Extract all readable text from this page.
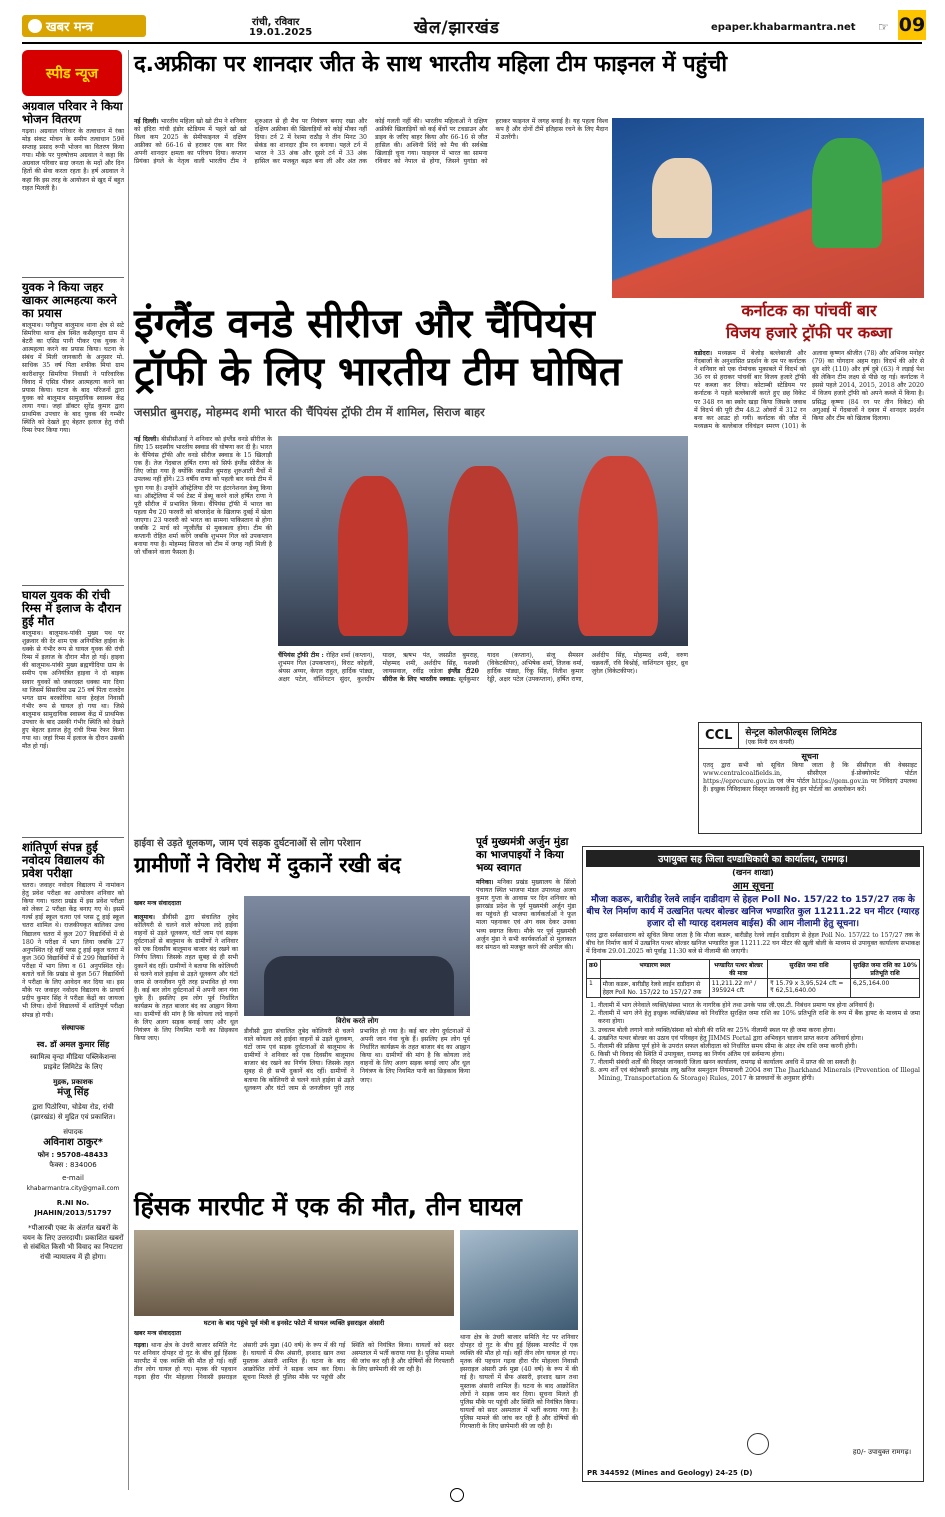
खबर मन्त्र	रांची, रविवार
19.01.2025	खेल/झारखंड	epaper.khabarmantra.net ☞ 09
स्पीड न्यूज
अग्रवाल परिवार ने किया भोजन वितरण
गढ़वा। अग्रवाल परिवार के तत्वाधान में रंका मोड़ संकट मोचन के समीप तत्वाधान 59वें सप्ताह प्रसाद रूपी भोजन का वितरण किया गया। मौके पर पुरुषोत्तम अग्रवाल ने कहा कि अग्रवाल परिवार सदा जनता के मदों और दिन हितों की सेवा करता रहता है। हर्ष अग्रवाल ने कहा कि इस तरह के आयोजन से खुद में बहुत राहत मिलती है।
युवक ने किया जहर खाकर आत्महत्या करने का प्रयास
बालूमाथ। पनौहुपा बालूमाथ थाना क्षेत्र से सटे सिमरिया थाना क्षेत्र स्थित कसैहरपुरा ग्राम में बेटरी का एसिड पानी पीकर एक युवक ने आत्महत्या करने का प्रयास किया। घटना के संबंध में मिली जानकारी के अनुसार मो. साधिक 35 वर्ष पिता शफीक मियां ग्राम कारीशापुर सिमरिया निवासी ने पारिवारिक विवाद में एसिड पीकर आत्महत्या करने का प्रयास किया। घटना के बाद परिजनों द्वारा युवक को बालूमाथ सामुदायिक स्वास्थ्य केंद्र लाया गया। जहां डॉक्टर सुरेंद्र कुमार द्वारा प्राथमिक उपचार के बाद युवक की गम्भीर स्थिति को देखते हुए बेहतर इलाज हेतु रांची रिम्स रेफर किया गया।
घायल युवक की रांची रिम्स में इलाज के दौरान हुई मौत
बालूमाथ। बालूमाथ-पांकी मुख्य पथ पर शुक्रवार की देर शाम एक अनियंत्रित हाईवा के धक्के से गंभीर रूप से घायल युवक की रांची रिम्स में इलाज के दौरान मौत हो गई। हाइवा की बालूमाथ-पांकी मुख्य ब्रह्मणीदिया ग्राम के समीप एक अनियंत्रित हाइवा ने दो बाइक सवार युवकों को जबरदस्त धक्का मार दिया था जिसमें सिसारिया उम्र 25 वर्ष पिता राजदेव भगत ग्राम बरकोरिया थाना हेरहंज निवासी गंभीर रूप से घायल हो गया था। जिसे बालूमाथ सामुदायिक स्वास्थ्य केंद्र में प्राथमिक उपचार के बाद उसकी गंभीर स्थिति को देखते हुए बेहतर इलाज हेतु रांची रिम्स रेफर किया गया था। जहां रिम्स में इलाज के दौरान उसकी मौत हो गई।
शांतिपूर्ण संपन्न हुई नवोदय विद्यालय की प्रवेश परीक्षा
चतरा। जवाहर नवोदय विद्यालय में नामांकन हेतु प्रवेश परीक्षा का आयोजन शनिवार को किया गया। चतरा प्रखंड में इस प्रवेश परीक्षा को लेकर 2 परीक्षा केंद्र बनाए गए थे। इसमें गर्ल्स हाई स्कूल चतरा एवं प्लस टू हाई स्कूल चतरा शामिल थे। राजकीयकृत बालिका उच्च विद्यालय चतरा में कुल 207 विद्यार्थियों में से 180 ने परीक्षा में भाग लिया जबकि 27 अनुपस्थित रहे वहीं प्लस टू हाई स्कूल चतरा में कुल 360 विद्यार्थियों में से 299 विद्यार्थियों ने परीक्षा में भाग लिया व 61 अनुपस्थित रहे। बताते चलें कि प्रखंड से कुल 567 विद्यार्थियों ने परीक्षा के लिए आवेदन कर दिया था। इस मौके पर जवाहर नवोदय विद्यालय के प्राचार्य प्रदीप कुमार सिंह ने परीक्षा केंद्रों का जायजा भी लिया। दोनों विद्यालयों में शांतिपूर्ण परीक्षा संपन्न हो गयी।
संस्थापक
स्व. डॉ अमल कुमार सिंह
स्वामित्व वृन्दा मीडिया पब्लिकेशन्स प्राइवेट लिमिटेड के लिए
मुद्रक, प्रकाशक
मंजू सिंह
द्वारा पिठोरिया, चोडेया रोड, रांची (झारखंड) से मुद्रित एवं प्रकाशित।
संपादक
अविनाश ठाकुर*
फोन : 95708-48433
फैक्स : 834006
e-mail
khabarmantra.city@gmail.com
R.NI No. JHAHIN/2013/51797
*पीआरबी एक्ट के अंतर्गत खबरों के चयन के लिए उत्तरदायी। प्रकाशित खबरों से संबंधित किसी भी विवाद का निपटारा रांची न्यायालय में ही होगा।
द.अफ्रीका पर शानदार जीत के साथ भारतीय महिला टीम फाइनल में पहुंची
नई दिल्ली। भारतीय महिला खो खो टीम ने शनिवार को इंदिरा गांधी इंडोर स्टेडियम में पहले खो खो विश्व कप 2025 के सेमीफाइनल में दक्षिण अफ्रीका को 66-16 से हराकर एक बार फिर अपनी शानदार क्षमता का परिचय दिया। कप्तान प्रियंका इंगले के नेतृत्व वाली भारतीय टीम ने शुरुआत से ही मैच पर नियंत्रण बनाए रखा और दक्षिण अफ्रीका की खिलाड़ियों को कोई मौका नहीं दिया। टर्न 2 में रेशमा राठौड़ ने तीन मिनट 30 सेकंड का शानदार ड्रीम रन बनाया। पहले टर्न में भारत ने 33 अंक और दूसरे टर्न में 33 अंक हासिल कर मजबूत बढ़त बना ली और अंत तक कोई गलती नहीं की। भारतीय महिलाओं ने दक्षिण अफ्रीकी खिलाड़ियों को कई बेंचों पर टचडाउन और डाइव के जरिए बाहर किया और 66-16 से जीत हासिल की। अश्विनी शिंदे को मैच की सर्वश्रेष्ठ खिलाड़ी चुना गया। फाइनल में भारत का सामना रविवार को नेपाल से होगा, जिसने युगांडा को हराकर फाइनल में जगह बनाई है। यह पहला विश्व कप है और दोनों टीमें इतिहास रचने के लिए मैदान में उतरेंगी।
इंग्लैंड वनडे सीरीज और चैंपियंस
ट्रॉफी के लिए भारतीय टीम घोषित
जसप्रीत बुमराह, मोहम्मद शमी भारत की चैंपियंस ट्रॉफी टीम में शामिल, सिराज बाहर
नई दिल्ली। बीसीसीआई ने शनिवार को इंग्लैंड वनडे सीरीज के लिए 15 सदस्यीय भारतीय स्क्वाड की घोषणा कर दी है। भारत के चैंपियंस ट्रॉफी और वनडे सीरीज स्क्वाड के 15 खिलाड़ी एक हैं। तेज गेंदबाज हर्षित राणा को सिर्फ इंग्लैंड सीरीज के लिए जोड़ा गया है क्योंकि जसप्रीत बुमराह शुरुआती मैचों में उपलब्ध नहीं होंगे। 23 वर्षीय राणा को पहली बार वनडे टीम में चुना गया है। उन्होंने ऑस्ट्रेलिया दौरे पर इंटरनेशनल डेब्यू किया था। ऑस्ट्रेलिया में पर्थ टेस्ट में डेब्यू करने वाले हर्षित राणा ने पूरी सीरीज में प्रभावित किया। चैंपियंस ट्रॉफी में भारत का पहला मैच 20 फरवरी को बांग्लादेश के खिलाफ दुबई में खेला जाएगा। 23 फरवरी को भारत का सामना पाकिस्तान से होगा जबकि 2 मार्च को न्यूजीलैंड से मुकाबला होगा। टीम की कप्तानी रोहित शर्मा करेंगे जबकि शुभमन गिल को उपकप्तान बनाया गया है। मोहम्मद सिराज को टीम में जगह नहीं मिली है जो चौंकाने वाला फैसला है।
चैंपियंस ट्रॉफी टीम : रोहित शर्मा (कप्तान), शुभमन गिल (उपकप्तान), विराट कोहली, श्रेयस अय्यर, केएल राहुल, हार्दिक पांड्या, अक्षर पटेल, वॉशिंगटन सुंदर, कुलदीप यादव, ऋषभ पंत, जसप्रीत बुमराह, मोहम्मद शमी, अर्शदीप सिंह, यशस्वी जायसवाल, रवींद्र जडेजा इंग्लैंड टी20 सीरीज के लिए भारतीय स्क्वाड: सूर्यकुमार यादव (कप्तान), संजू सैमसन (विकेटकीपर), अभिषेक शर्मा, तिलक वर्मा, हार्दिक पांड्या, रिंकू सिंह, नितीश कुमार रेड्डी, अक्षर पटेल (उपकप्तान), हर्षित राणा, अर्शदीप सिंह, मोहम्मद शमी, वरुण चक्रवर्ती, रवि बिश्नोई, वाशिंगटन सुंदर, ध्रुव जुरेल (विकेटकीपर)।
कर्नाटक का पांचवीं बार
विजय हजारे ट्रॉफी पर कब्जा
वडोदरा। मध्यक्रम में बेजोड़ बल्लेबाजी और गेंदबाजों के अनुशासित प्रदर्शन के दम पर कर्नाटक ने शनिवार को एक रोमांचक मुकाबले में विदर्भ को 36 रन से हराकर पांचवीं बार विजय हजारे ट्रॉफी पर कब्जा कर लिया। कोटाम्बी स्टेडियम पर कर्नाटक ने पहले बल्लेबाजी करते हुए छह विकेट पर 348 रन का स्कोर खड़ा किया जिसके जवाब में विदर्भ की पूरी टीम 48.2 ओवरों में 312 रन बना कर आउट हो गयी। कर्नाटक की जीत में मध्यक्रम के बल्लेबाज रविचंद्रन स्मरण (101) के अलावा कृष्णन श्रीजीत (78) और अभिनव मनोहर (79) का योगदान अहम रहा। विदर्भ की ओर से ध्रुव शोरे (110) और हर्ष दुबे (63) ने लड़ाई पेश की लेकिन टीम लक्ष्य से पीछे रह गई। कर्नाटक ने इससे पहले 2014, 2015, 2018 और 2020 में विजय हजारे ट्रॉफी को अपने कब्जे में किया है। प्रसिद्ध कृष्णा (84 रन पर तीन विकेट) की अगुआई में गेंदबाजों ने दबाव में शानदार प्रदर्शन किया और टीम को खिताब दिलाया।
CCL	सेन्ट्रल कोलफील्ड्स लिमिटेड
(एक मिनी रत्न कंपनी)
सूचना
एतद् द्वारा सभी को सूचित किया जाता है कि सीसीएल की वेबसाइट www.centralcoalfields.in, सीसीएल ई-प्रोक्योरमेंट पोर्टल https://eprocure.gov.in एवं जेम पोर्टल https://gem.gov.in पर निविदाएं उपलब्ध हैं। इच्छुक निविदाकार विस्तृत जानकारी हेतु इन पोर्टलों का अवलोकन करें।
हाईवा से उड़ते धूलकण, जाम एवं सड़क दुर्घटनाओं से लोग परेशान
ग्रामीणों ने विरोध में दुकानें रखी बंद
खबर मन्त्र संवाददाता
बालूमाथ। डीवीसी द्वारा संचालित तुबेद कोलियरी से चलने वाले कोयला लदे हाईवा वाहनों से उड़ते धूलकण, घंटों जाम एवं सड़क दुर्घटनाओं से बालूमाथ के ग्रामीणों ने शनिवार को एक दिवसीय बालूमाथ बाजार बंद रखने का निर्णय लिया। जिसके तहत सुबह से ही सभी दुकानें बंद रहीं। ग्रामीणों ने बताया कि कोलियरी से चलने वाले हाईवा से उड़ते धूलकण और घंटों जाम से जनजीवन पूरी तरह प्रभावित हो गया है। कई बार लोग दुर्घटनाओं में अपनी जान गंवा चुके हैं। इसलिए हम लोग पूर्व निर्धारित कार्यक्रम के तहत बाजार बंद का आह्वान किया था। ग्रामीणों की मांग है कि कोयला लदे वाहनों के लिए अलग सड़क बनाई जाए और धूल नियंत्रण के लिए नियमित पानी का छिड़काव किया जाए।
विरोध करते लोग
डीवीसी द्वारा संचालित तुबेद कोलियरी से चलने वाले कोयला लदे हाईवा वाहनों से उड़ते धूलकण, घंटों जाम एवं सड़क दुर्घटनाओं से बालूमाथ के ग्रामीणों ने शनिवार को एक दिवसीय बालूमाथ बाजार बंद रखने का निर्णय लिया। जिसके तहत सुबह से ही सभी दुकानें बंद रहीं। ग्रामीणों ने बताया कि कोलियरी से चलने वाले हाईवा से उड़ते धूलकण और घंटों जाम से जनजीवन पूरी तरह प्रभावित हो गया है। कई बार लोग दुर्घटनाओं में अपनी जान गंवा चुके हैं। इसलिए हम लोग पूर्व निर्धारित कार्यक्रम के तहत बाजार बंद का आह्वान किया था। ग्रामीणों की मांग है कि कोयला लदे वाहनों के लिए अलग सड़क बनाई जाए और धूल नियंत्रण के लिए नियमित पानी का छिड़काव किया जाए।
पूर्व मुख्यमंत्री अर्जुन मुंडा का भाजपाइयों ने किया भव्य स्वागत
मनिका। मनिका प्रखंड मुख्यालय के सिंजो पंचायत स्थित भाजपा मंडल उपाध्यक्ष अजय कुमार गुप्ता के आवास पर दिन शनिवार को झारखंड प्रदेश के पूर्व मुख्यमंत्री अर्जुन मुंडा का पहुंचते ही भाजपा कार्यकर्ताओं ने फूल माला पहनाकर एवं अंग वस्त्र देकर उनका भव्य स्वागत किया। मौके पर पूर्व मुख्यमंत्री अर्जुन मुंडा ने सभी कार्यकर्ताओं से मुलाकात कर संगठन को मजबूत करने की अपील की।
उपायुक्त सह जिला दण्डाधिकारी का कार्यालय, रामगढ़।
(खनन शाखा)
आम सूचना
मौजा कडरू, बारीडीह रेलवे लाईन दाडीदाग से हेहल Poll No. 157/22 to 157/27 तक के बीच रेल निर्माण कार्य में उत्खनित पत्थर बोल्डर खनिज भण्डारित कुल 11211.22 घन मीटर (ग्यारह हजार दो सौ ग्यारह दशमलव बाईस) की आम नीलामी हेतु सूचना।
एतद द्वारा सर्वसाधारण को सूचित किया जाता है कि मौजा कडरू, बारीडीह रेलवे लाईन दाडीदाग से हेहल Poll No. 157/22 to 157/27 तक के बीच रेल निर्माण कार्य में उत्खनित पत्थर बोल्डर खनिज भण्डारित कुल 11211.22 घन मीटर की खुली बोली के माध्यम से उपायुक्त कार्यालय सभाकक्ष में दिनांक 29.01.2025 को पूर्वाह्न 11:30 बजे से नीलामी की जाएगी।
क्र0	भण्डारण स्थल	भण्डारित पत्थर बोल्डर की मात्रा	सुरक्षित जमा राशि	सुरक्षित जमा राशि का 10% प्रतिभूति राशि
1	मौजा कडरू, बारीडीह रेलवे लाईन दाडीदाग से हेहल Poll No. 157/22 to 157/27 तक	11,211.22 m³ / 395924 cft	₹ 15.79 x 3,95,524 cft = ₹ 62,51,640.00	6,25,164.00
1. नीलामी में भाग लेनेवाले व्यक्ति/संस्था भारत के नागरिक होने तथा उनके पास जी.एस.टी. निबंधन प्रमाण पत्र होना अनिवार्य है।
2. नीलामी में भाग लेने हेतु इच्छुक व्यक्ति/संस्था को निर्धारित सुरक्षित जमा राशि का 10% प्रतिभूति राशि के रूप में बैंक ड्राफ्ट के माध्यम से जमा करना होगा।
3. उच्चतम बोली लगाने वाले व्यक्ति/संस्था को बोली की राशि का 25% नीलामी स्थल पर ही जमा करना होगा।
4. उत्खनित पत्थर बोल्डर का उठाव एवं परिवहन हेतु JIMMS Portal द्वारा अभिवहन चालान प्राप्त करना अनिवार्य होगा।
5. नीलामी की प्रक्रिया पूर्ण होने के उपरांत सफल बोलीदाता को निर्धारित समय सीमा के अंदर शेष राशि जमा करनी होगी।
6. किसी भी विवाद की स्थिति में उपायुक्त, रामगढ़ का निर्णय अंतिम एवं सर्वमान्य होगा।
7. नीलामी संबंधी शर्तों की विस्तृत जानकारी जिला खनन कार्यालय, रामगढ़ से कार्यालय अवधि में प्राप्त की जा सकती है।
8. अन्य शर्तें एवं बंदोबस्ती झारखंड लघु खनिज समनुदान नियमावली 2004 तथा The Jharkhand Minerals (Prevention of Illegal Mining, Transportation & Storage) Rules, 2017 के प्रावधानों के अनुसार होंगी।
ह0/- उपायुक्त रामगढ़।
PR 344592 (Mines and Geology) 24-25 (D)
हिंसक मारपीट में एक की मौत, तीन घायल
घटना के बाद पहुंचे पूर्व मंत्री व इनसेट फोटो में घायल व्यक्ति इसराइल अंसारी
खबर मन्त्र संवाददाता
गढ़वा। थाना क्षेत्र के उंचरी बाजार समिति गेट पर शनिवार दोपहर दो गुट के बीच हुई हिंसक मारपीट में एक व्यक्ति की मौत हो गई। वहीं तीन लोग घायल हो गए। मृतक की पहचान गढ़वा हीरा पीर मोहल्ला निवासी इसराइल अंसारी उर्फ मुन्ना (40 वर्ष) के रूप में की गई है। घायलों में सैफ अंसारी, इरशाद खान तथा मुस्ताक अंसारी शामिल हैं। घटना के बाद आक्रोशित लोगों ने सड़क जाम कर दिया। सूचना मिलते ही पुलिस मौके पर पहुंची और स्थिति को नियंत्रित किया। घायलों को सदर अस्पताल में भर्ती कराया गया है। पुलिस मामले की जांच कर रही है और दोषियों की गिरफ्तारी के लिए छापेमारी की जा रही है।
थाना क्षेत्र के उंचरी बाजार समिति गेट पर शनिवार दोपहर दो गुट के बीच हुई हिंसक मारपीट में एक व्यक्ति की मौत हो गई। वहीं तीन लोग घायल हो गए। मृतक की पहचान गढ़वा हीरा पीर मोहल्ला निवासी इसराइल अंसारी उर्फ मुन्ना (40 वर्ष) के रूप में की गई है। घायलों में सैफ अंसारी, इरशाद खान तथा मुस्ताक अंसारी शामिल हैं। घटना के बाद आक्रोशित लोगों ने सड़क जाम कर दिया। सूचना मिलते ही पुलिस मौके पर पहुंची और स्थिति को नियंत्रित किया। घायलों को सदर अस्पताल में भर्ती कराया गया है। पुलिस मामले की जांच कर रही है और दोषियों की गिरफ्तारी के लिए छापेमारी की जा रही है।
